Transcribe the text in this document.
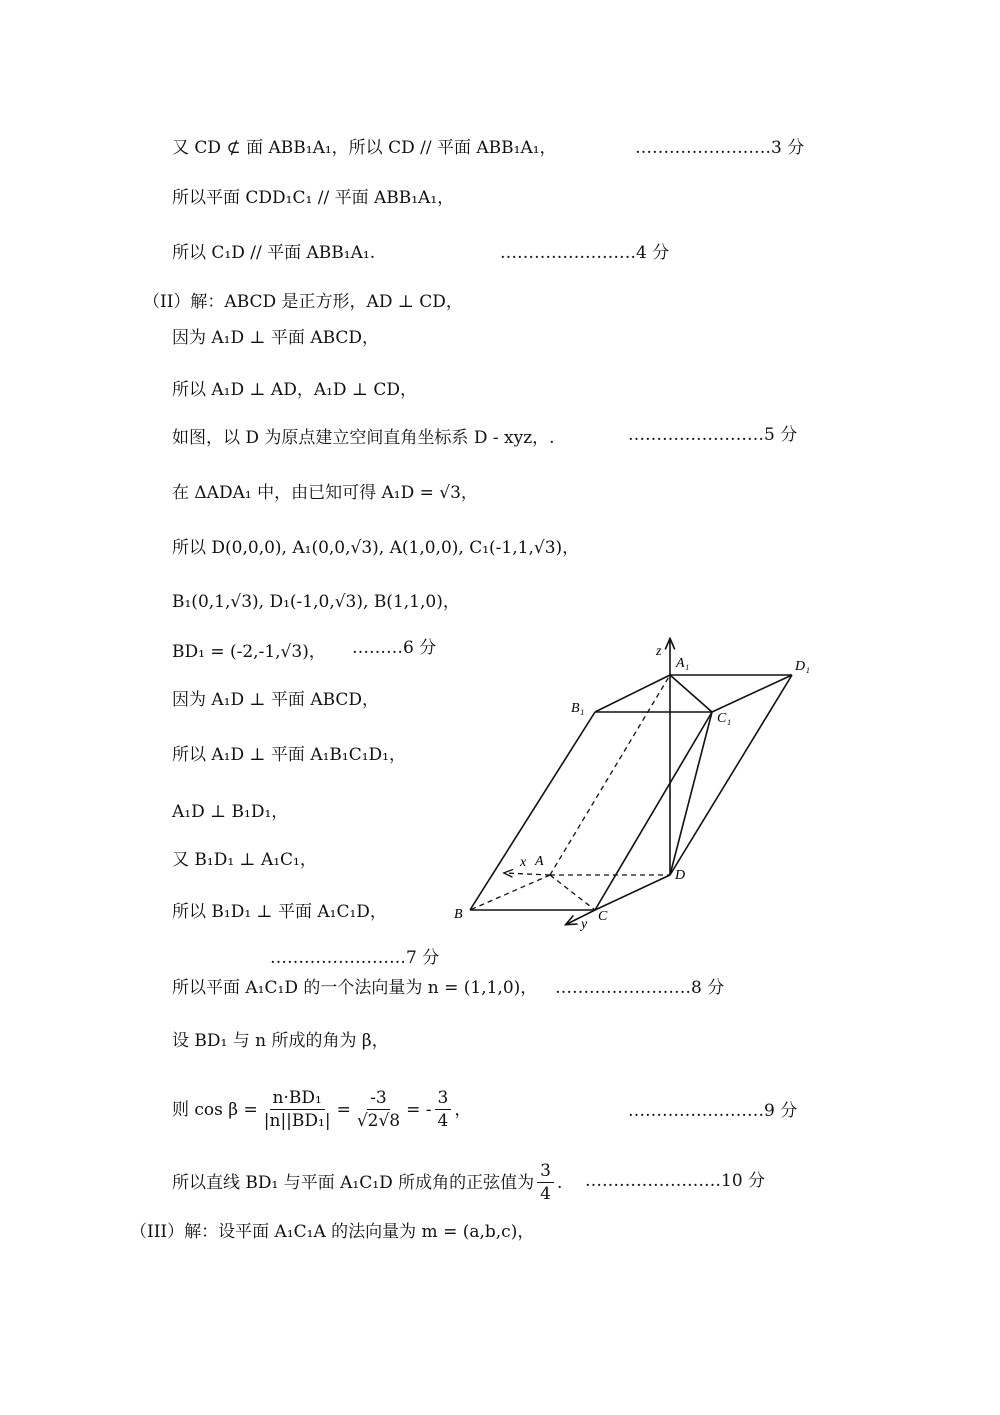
又 CD ⊄ 面 ABB₁A₁，所以 CD // 平面 ABB₁A₁，	……………………3 分
所以平面 CDD₁C₁ // 平面 ABB₁A₁，
所以 C₁D // 平面 ABB₁A₁.	……………………4 分
（II）解：ABCD 是正方形，AD ⊥ CD，
因为 A₁D ⊥ 平面 ABCD，
所以 A₁D ⊥ AD，A₁D ⊥ CD，
如图，以 D 为原点建立空间直角坐标系 D - xyz，.	……………………5 分
在 ΔADA₁ 中，由已知可得 A₁D = √3，
所以 D(0,0,0), A₁(0,0,√3), A(1,0,0), C₁(-1,1,√3)，
B₁(0,1,√3), D₁(-1,0,√3), B(1,1,0)，
BD₁ = (-2,-1,√3)， ………6 分
因为 A₁D ⊥ 平面 ABCD，
所以 A₁D ⊥ 平面 A₁B₁C₁D₁，
A₁D ⊥ B₁D₁，
又 B₁D₁ ⊥ A₁C₁，
所以 B₁D₁ ⊥ 平面 A₁C₁D，
……………………7 分
所以平面 A₁C₁D 的一个法向量为 n = (1,1,0)， ……………………8 分
设 BD₁ 与 n 所成的角为 β，
则 $\cos \beta = \frac{\text{n·BD₁}}{\text{|n||BD₁|}} = \frac{-3}{√2√8}$ = - $\frac{3}{4}$ ，	……………………9 分
所以直线 BD₁ 与平面 A₁C₁D 所成角的正弦值为 $\frac{3}{4}$ . ……………………10 分
（III）解：设平面 A₁C₁A 的法向量为 m = (a,b,c)，
z
A₁	D₁
B₁
C₁
x A
D
B	C
y
